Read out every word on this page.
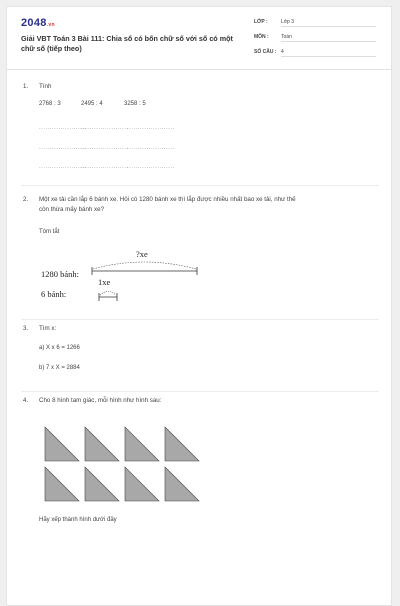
2048.vn
Giải VBT Toán 3 Bài 111: Chia số có bốn chữ số với số có một chữ số (tiếp theo)
LỚP :	Lớp 3
MÔN : Toán
SỐ CÂU : 4
1. Tính
2768 : 3	2495 : 4	3258 : 5
......................
......................
......................
......................
......................
......................
......................
......................
......................
2. Một xe tải cần lắp 6 bánh xe. Hỏi có 1280 bánh xe thì lắp được nhiều nhất bao xe tải, như thế
còn thừa mấy bánh xe?
Tóm tắt
?xe
1280 bánh:
1xe
6 bánh:
3. Tìm x:
a) X x 6 = 1266
b) 7 x X = 2884
4. Cho 8 hình tam giác, mỗi hình như hình sau:
Hãy xếp thành hình dưới đây
